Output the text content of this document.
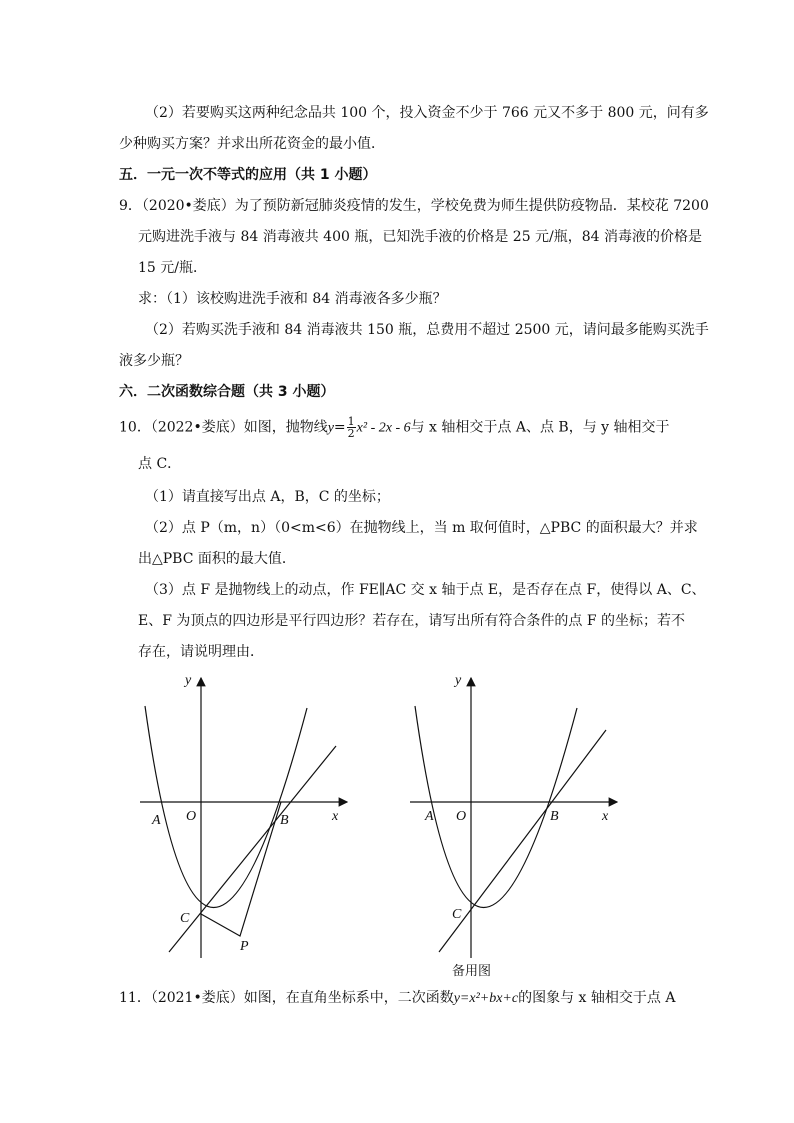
（2）若要购买这两种纪念品共 100 个，投入资金不少于 766 元又不多于 800 元，问有多
少种购买方案？并求出所花资金的最小值．
五．一元一次不等式的应用（共 1 小题）
9．（2020•娄底）为了预防新冠肺炎疫情的发生，学校免费为师生提供防疫物品．某校花 7200
元购进洗手液与 84 消毒液共 400 瓶，已知洗手液的价格是 25 元/瓶，84 消毒液的价格是
15 元/瓶．
求：（1）该校购进洗手液和 84 消毒液各多少瓶？
（2）若购买洗手液和 84 消毒液共 150 瓶，总费用不超过 2500 元，请问最多能购买洗手
液多少瓶？
六．二次函数综合题（共 3 小题）
10．（2022•娄底）如图，抛物线$y= \frac{1}{2} x^2 - 2x - 6$与 x 轴相交于点 A、点 B，与 y 轴相交于
点 C．
（1）请直接写出点 A，B，C 的坐标；
（2）点 P（m，n）（0<m<6）在抛物线上，当 m 取何值时，△PBC 的面积最大？并求
出△PBC 面积的最大值．
（3）点 F 是抛物线上的动点，作 FE∥AC 交 x 轴于点 E，是否存在点 F，使得以 A、C、
E、F 为顶点的四边形是平行四边形？若存在，请写出所有符合条件的点 F 的坐标；若不
存在，请说明理由．
y
x
O
A	B
C
P
y
x
O
A	B
C
备用图
11．（2021•娄底）如图，在直角坐标系中，二次函数y=x²+bx+c的图象与 x 轴相交于点 A
